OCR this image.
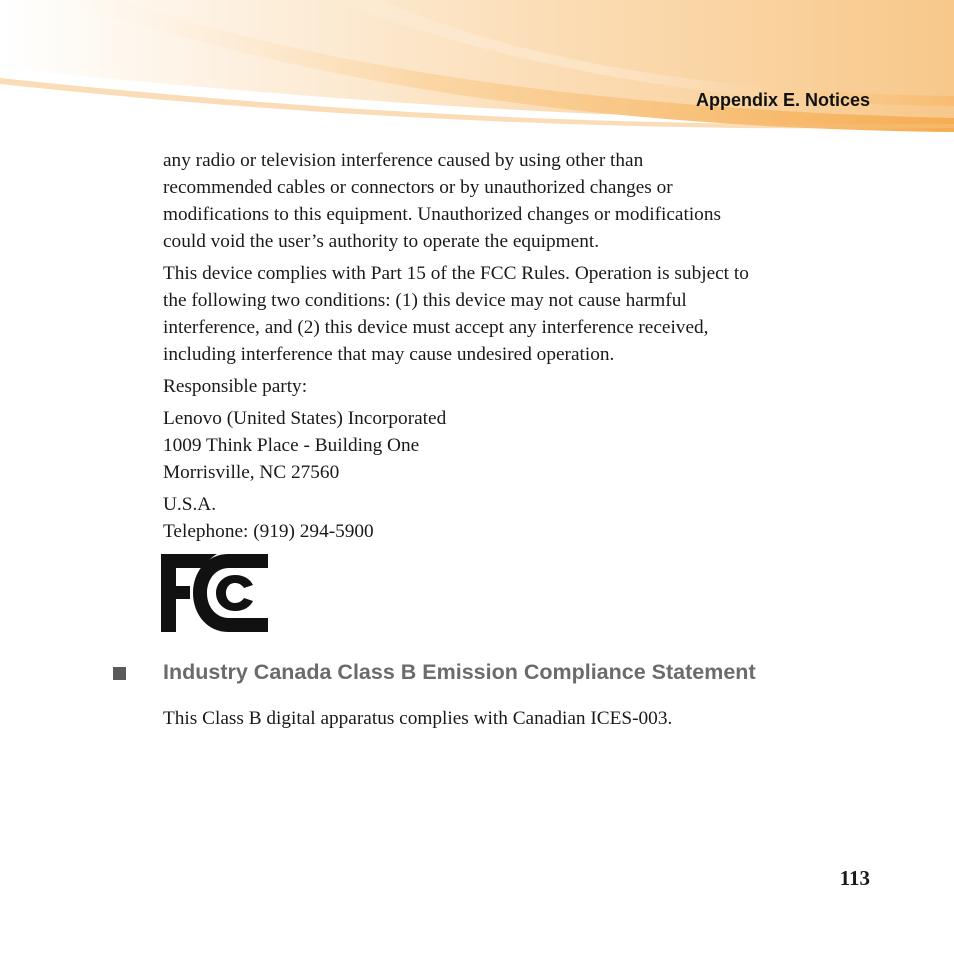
Appendix E. Notices

any radio or television interference caused by using other than
recommended cables or connectors or by unauthorized changes or
modifications to this equipment. Unauthorized changes or modifications
could void the user’s authority to operate the equipment.

This device complies with Part 15 of the FCC Rules. Operation is subject to
the following two conditions: (1) this device may not cause harmful
interference, and (2) this device must accept any interference received,
including interference that may cause undesired operation.

Responsible party:

Lenovo (United States) Incorporated
1009 Think Place - Building One
Morrisville, NC 27560

U.S.A.
Telephone: (919) 294-5900

Industry Canada Class B Emission Compliance Statement

This Class B digital apparatus complies with Canadian ICES-003.

113
